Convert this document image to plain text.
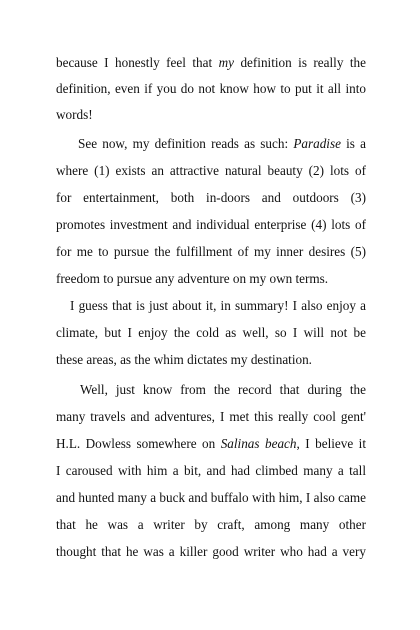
because I honestly feel that my definition is really the

definition, even if you do not know how to put it all into

words!

See now, my definition reads as such: Paradise is a

where (1) exists an attractive natural beauty (2) lots of

for entertainment, both in-doors and outdoors (3)

promotes investment and individual enterprise (4) lots of

for me to pursue the fulfillment of my inner desires (5)

freedom to pursue any adventure on my own terms.

I guess that is just about it, in summary! I also enjoy a

climate, but I enjoy the cold as well, so I will not be

these areas, as the whim dictates my destination.

Well, just know from the record that during the

many travels and adventures, I met this really cool gent'

H.L. Dowless somewhere on Salinas beach, I believe it

I caroused with him a bit, and had climbed many a tall

and hunted many a buck and buffalo with him, I also came

that he was a writer by craft, among many other

thought that he was a killer good writer who had a very
